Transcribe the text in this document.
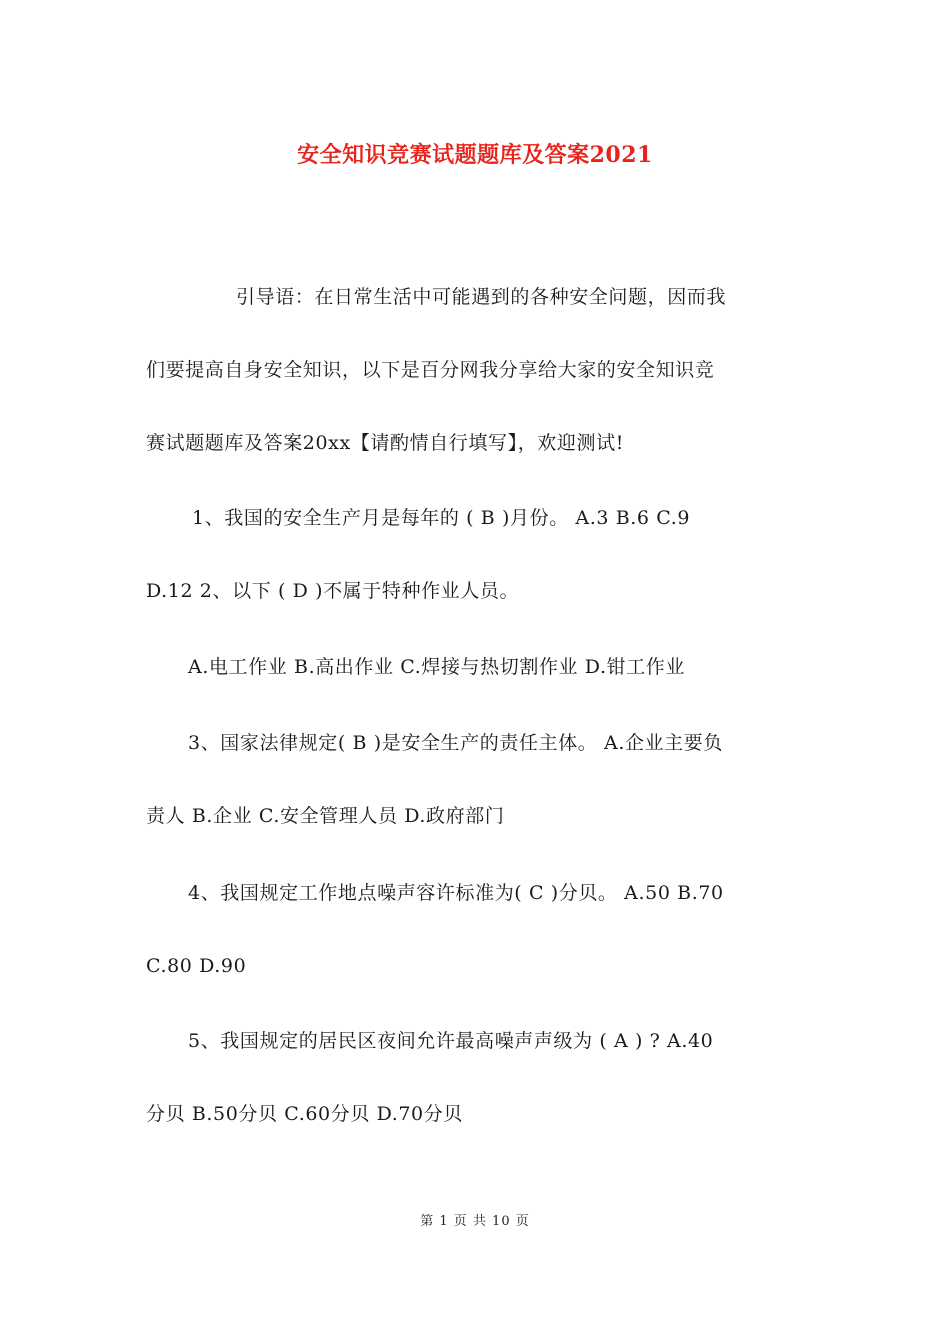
安全知识竞赛试题题库及答案2021
引导语：在日常生活中可能遇到的各种安全问题，因而我
们要提高自身安全知识，以下是百分网我分享给大家的安全知识竞
赛试题题库及答案20xx【请酌情自行填写】，欢迎测试!
1、我国的安全生产月是每年的 ( B )月份。 A.3 B.6 C.9
D.12 2、以下 ( D )不属于特种作业人员。
A.电工作业 B.高出作业 C.焊接与热切割作业 D.钳工作业
3、国家法律规定( B )是安全生产的责任主体。 A.企业主要负
责人 B.企业 C.安全管理人员 D.政府部门
4、我国规定工作地点噪声容许标准为( C )分贝。 A.50 B.70
C.80 D.90
5、我国规定的居民区夜间允许最高噪声声级为 ( A ) ? A.40
分贝 B.50分贝 C.60分贝 D.70分贝
第 1 页 共 10 页
